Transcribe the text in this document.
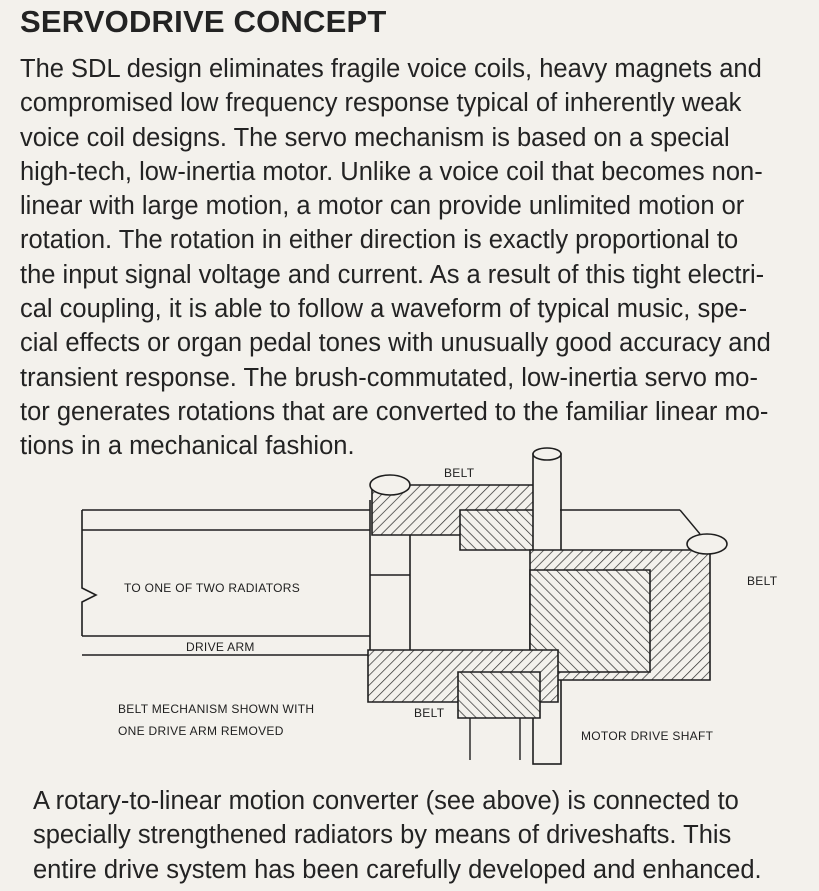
SERVODRIVE CONCEPT
The SDL design eliminates fragile voice coils, heavy magnets and
compromised low frequency response typical of inherently weak
voice coil designs. The servo mechanism is based on a special
high-tech, low-inertia motor. Unlike a voice coil that becomes non-
linear with large motion, a motor can provide unlimited motion or
rotation. The rotation in either direction is exactly proportional to
the input signal voltage and current. As a result of this tight electri-
cal coupling, it is able to follow a waveform of typical music, spe-
cial effects or organ pedal tones with unusually good accuracy and
transient response. The brush-commutated, low-inertia servo mo-
tor generates rotations that are converted to the familiar linear mo-
tions in a mechanical fashion.
BELT
BELT
BELT
TO ONE OF TWO RADIATORS
DRIVE ARM
BELT MECHANISM SHOWN WITH
ONE DRIVE ARM REMOVED	MOTOR DRIVE SHAFT
A rotary-to-linear motion converter (see above) is connected to
specially strengthened radiators by means of driveshafts. This
entire drive system has been carefully developed and enhanced.
